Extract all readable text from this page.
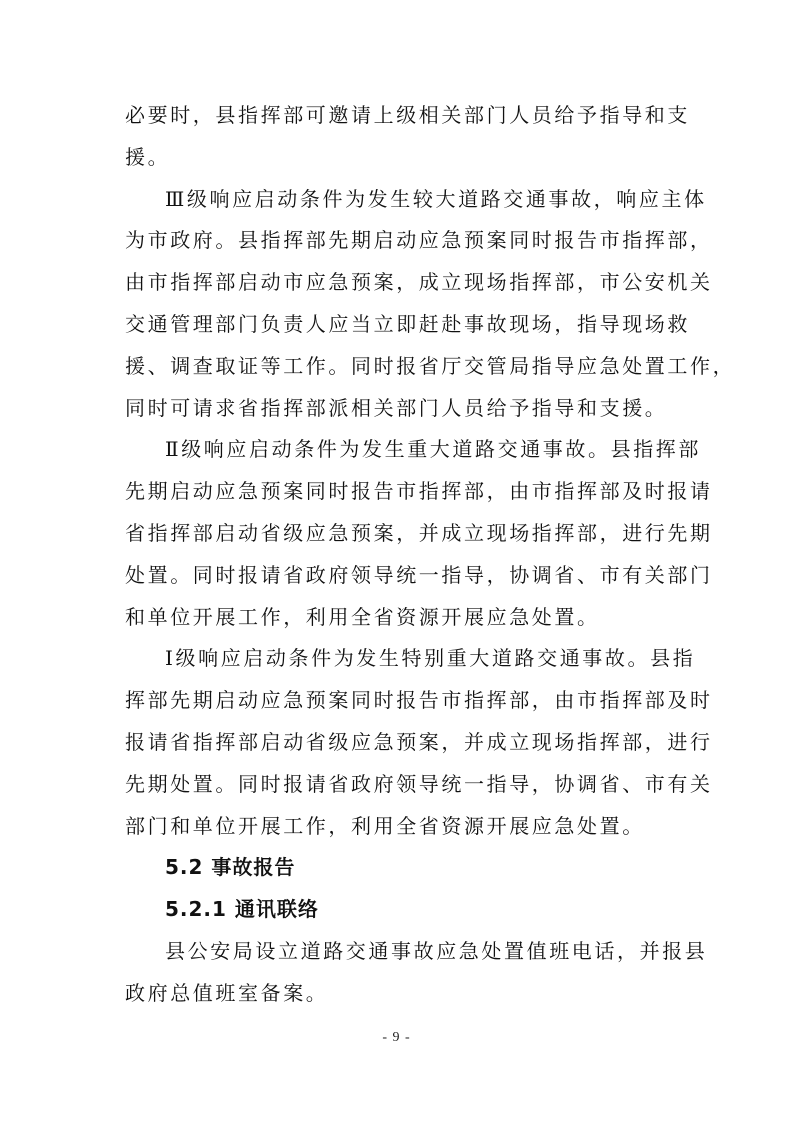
必要时，县指挥部可邀请上级相关部门人员给予指导和支
援。
Ⅲ级响应启动条件为发生较大道路交通事故，响应主体
为市政府。县指挥部先期启动应急预案同时报告市指挥部，
由市指挥部启动市应急预案，成立现场指挥部，市公安机关
交通管理部门负责人应当立即赶赴事故现场，指导现场救
援、调查取证等工作。同时报省厅交管局指导应急处置工作，
同时可请求省指挥部派相关部门人员给予指导和支援。
Ⅱ级响应启动条件为发生重大道路交通事故。县指挥部
先期启动应急预案同时报告市指挥部，由市指挥部及时报请
省指挥部启动省级应急预案，并成立现场指挥部，进行先期
处置。同时报请省政府领导统一指导，协调省、市有关部门
和单位开展工作，利用全省资源开展应急处置。
Ⅰ级响应启动条件为发生特别重大道路交通事故。县指
挥部先期启动应急预案同时报告市指挥部，由市指挥部及时
报请省指挥部启动省级应急预案，并成立现场指挥部，进行
先期处置。同时报请省政府领导统一指导，协调省、市有关
部门和单位开展工作，利用全省资源开展应急处置。
5.2 事故报告
5.2.1 通讯联络
县公安局设立道路交通事故应急处置值班电话，并报县
政府总值班室备案。
- 9 -
